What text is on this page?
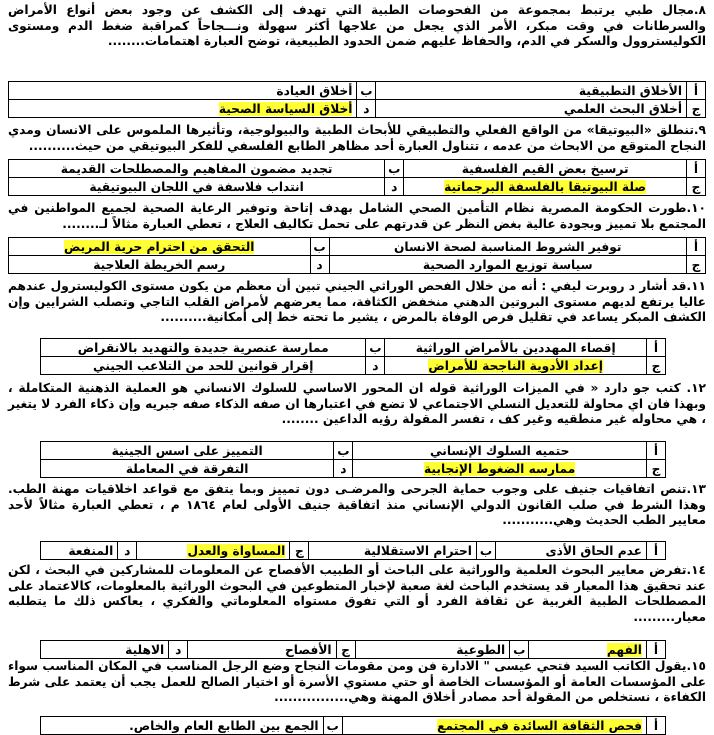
٨.مجال طبي يرتبط بمجموعة من الفحوصات الطبية التي تهدف إلى الكشف عن وجود بعض أنواع الأمراض والسرطانات في وقت مبكر، الأمر الذي يجعل من علاجها أكثر سهولة ونـــجاحاً كمراقبة ضغط الدم ومستوى الكوليستروول والسكر في الدم، والحفاظ عليهم ضمن الحدود الطبيعية، توضح العبارة اهتمامات........

أ	الأخلاق التطبيقية	ب	أخلاق العيادة
ج	أخلاق البحث العلمي	د	أخلاق السياسة الصحية

٩.تنطلق «البيوتيقا» من الواقع الفعلي والتطبيقي للأبحاث الطبية والبيولوجية، وتأثيرها الملموس على الانسان ومدي النجاح المتوقع من الابحاث من عدمه ، تتناول العبارة أحد مظاهر الطابع الفلسفي للفكر البيوتيقي من حيث..........

أ	ترسيخ بعض القيم الفلسفية	ب	تجديد مضمون المفاهيم والمصطلحات القديمة
ج	صلة البيوتيقا بالفلسفة البرجماتية	د	انتداب فلاسفة في اللجان البيوتيقية

١٠.طورت الحكومة المصرية نظام التأمين الصحي الشامل بهدف إتاحة وتوفير الرعاية الصحية لجميع المواطنين في المجتمع بلا تمييز وبجودة عالية بغض النظر عن قدرتهم على تحمل تكاليف العلاج ، تعطي العبارة مثالاً لـ........

أ	توفير الشروط المناسبة لصحة الانسان	ب	التحقق من احترام حرية المريض
ج	سياسة توزيع الموارد الصحية	د	رسم الخريطة العلاجية

١١.قد أشار د روبرت ليفي : أنه من خلال الفحص الوراثي الجيني تبين أن معظم من يكون مستوى الكوليسترول عندهم عاليا يرتفع لديهم مستوى البروتين الدهني منخفض الكثافة، مما يعرضهم لأمراض القلب التاجي وتصلب الشرايين وإن الكشف المبكر يساعد في تقليل فرص الوفاة بالمرض ، يشير ما تحته خط إلى أمكانية..........

أ	إقصاء المهددين بالأمراض الوراثية	ب	ممارسة عنصرية جديدة والتهديد بالانقراض
ج	إعداد الأدوية الناجحة للأمراض	د	إقرار قوانين للحد من التلاعب الجيني

١٢. كتب جو دارد « في الميزات الوراثية قوله ان المحور الاساسي للسلوك الانساني هو العملية الذهنية المتكاملة ، وبهذا فان اي محاولة للتعديل النسلي الاجتماعي لا تضع في اعتبارها ان صفه الذكاء صفه جبريه وإن ذكاء الفرد لا يتغير ، هي محاوله غير منطقيه وغير كف ، تفسر المقولة رؤيه الداعين ........

أ	حتميه السلوك الإنساني	ب	التمييز على اسس الجينية
ج	ممارسه الضغوط الإنجابية	د	التفرقة في المعاملة

١٣.تنص اتفاقيات جنيف على وجوب حماية الجرحى والمرضـى دون تمييز وبما يتفق مع قواعد اخلاقيات مهنة الطب. وهذا الشرط في صلب القانون الدولي الإنساني منذ اتفاقية جنيف الأولى لعام ١٨٦٤ م ، تعطي العبارة مثالاً لأحد معايير الطب الحديث وهي...........

أ	عدم الحاق الأذى	ب	احترام الاستقلالية	ج	المساواة والعدل	د	المنفعة

١٤.تفرض معايير البحوث العلمية والوراثية على الباحث أو الطبيب الأفصاح عن المعلومات للمشاركين في البحث ، لكن عند تحقيق هذا المعيار قد يستخدم الباحث لغة صعبة لإخبار المتطوعين في البحوث الوراثية بالمعلومات، كالاعتماد على المصطلحات الطبية الغربية عن ثقافة الفرد أو التي تفوق مستواه المعلوماتي والفكري ، يعاكس ذلك ما يتطلبه معيار.........

أ	الفهم	ب	الطوعية	ج	الأفصاح	د	الاهلية

١٥.يقول الكاتب السيد فتحي عيسى " الادارة فن ومن مقومات النجاح وضع الرجل المناسب في المكان المناسب سواء على المؤسسات العامة أو المؤسسات الخاصة أو حتي مستوي الأسرة أو اختيار الصالح للعمل يجب أن يعتمد على شرط الكفاءة ، نستخلص من المقولة أحد مصادر أخلاق المهنة وهي................

أ	فحص الثقافة السائدة في المجتمع	ب	الجمع بين الطابع العام والخاص.
